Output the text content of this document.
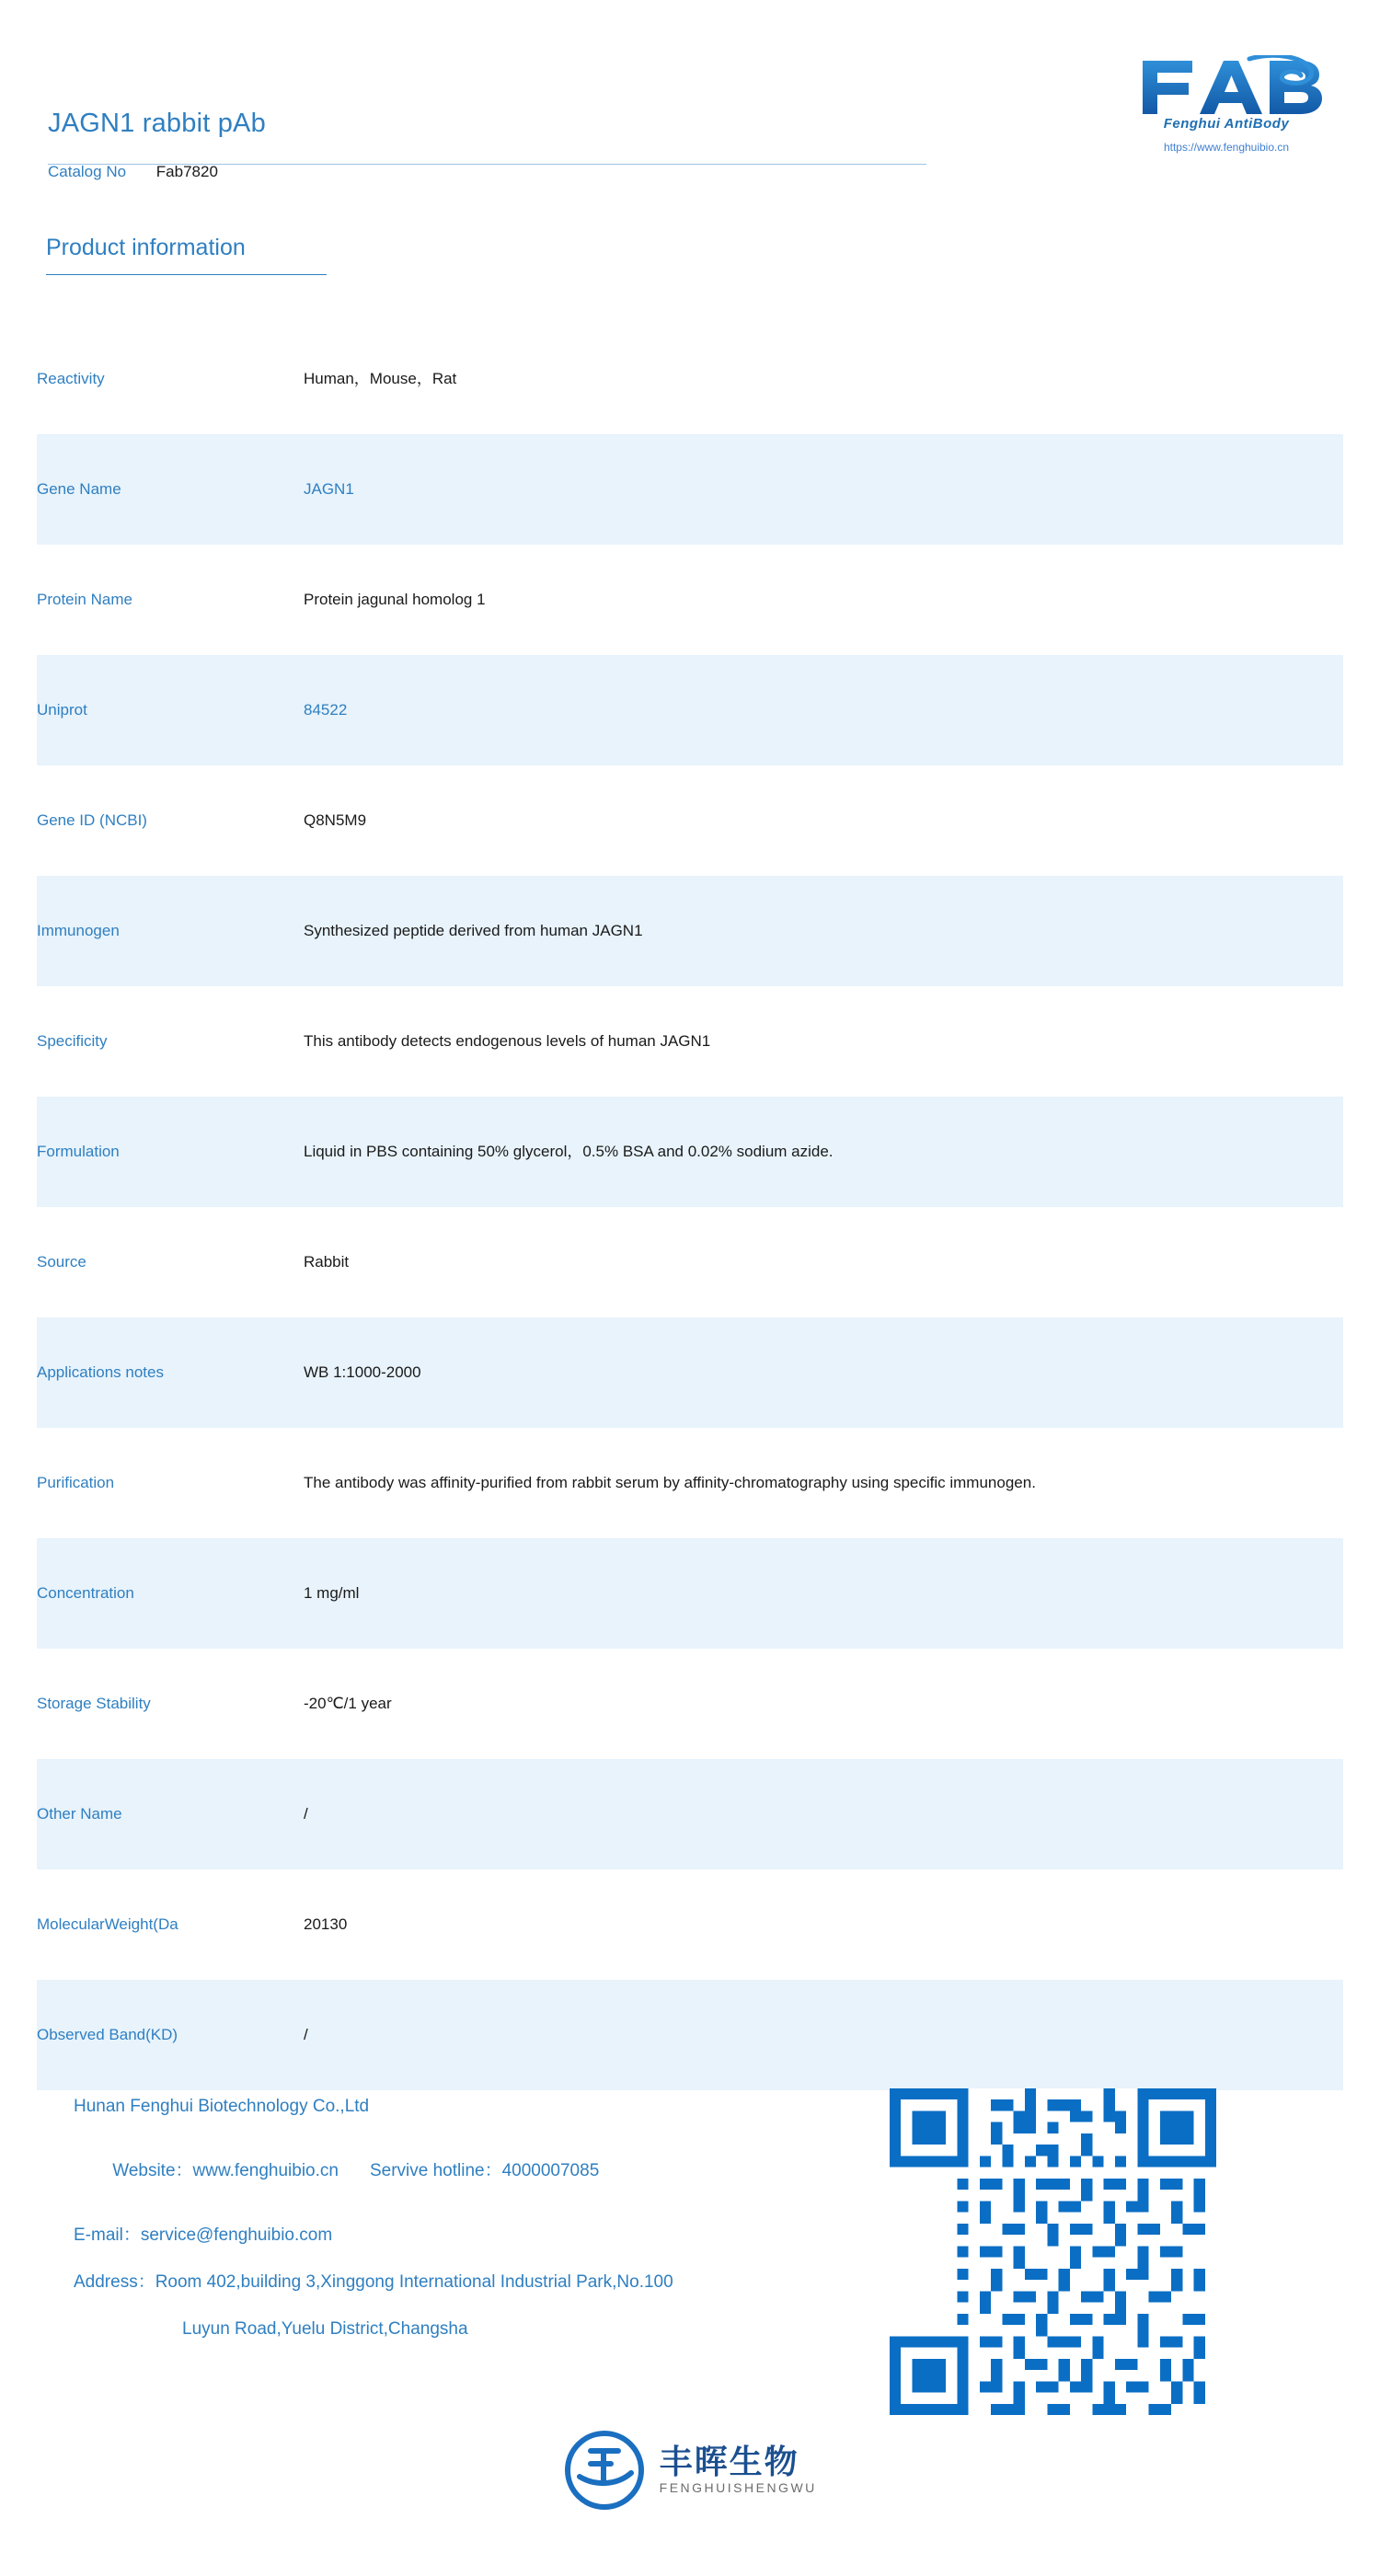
JAGN1 rabbit pAb	Fenghui AntiBody
https://www.fenghuibio.cn
Catalog No Fab7820
Product information
Reactivity	Human，Mouse，Rat
Gene Name	JAGN1
Protein Name	Protein jagunal homolog 1
Uniprot	84522
Gene ID (NCBI)	Q8N5M9
Immunogen	Synthesized peptide derived from human JAGN1
Specificity	This antibody detects endogenous levels of human JAGN1
Formulation	Liquid in PBS containing 50% glycerol，0.5% BSA and 0.02% sodium azide.
Source	Rabbit
Applications notes	WB 1:1000-2000
Purification	The antibody was affinity-purified from rabbit serum by affinity-chromatography using specific immunogen.
Concentration	1 mg/ml
Storage Stability	-20℃/1 year
Other Name	/
MolecularWeight(Da	20130
Observed Band(KD)	/
Hunan Fenghui Biotechnology Co.,Ltd

Website：www.fenghuibio.cn Servive hotline：4000007085

E-mail：service@fenghuibio.com
Address：Room 402,building 3,Xinggong International Industrial Park,No.100
Luyun Road,Yuelu District,Changsha
丰晖生物
FENGHUISHENGWU
